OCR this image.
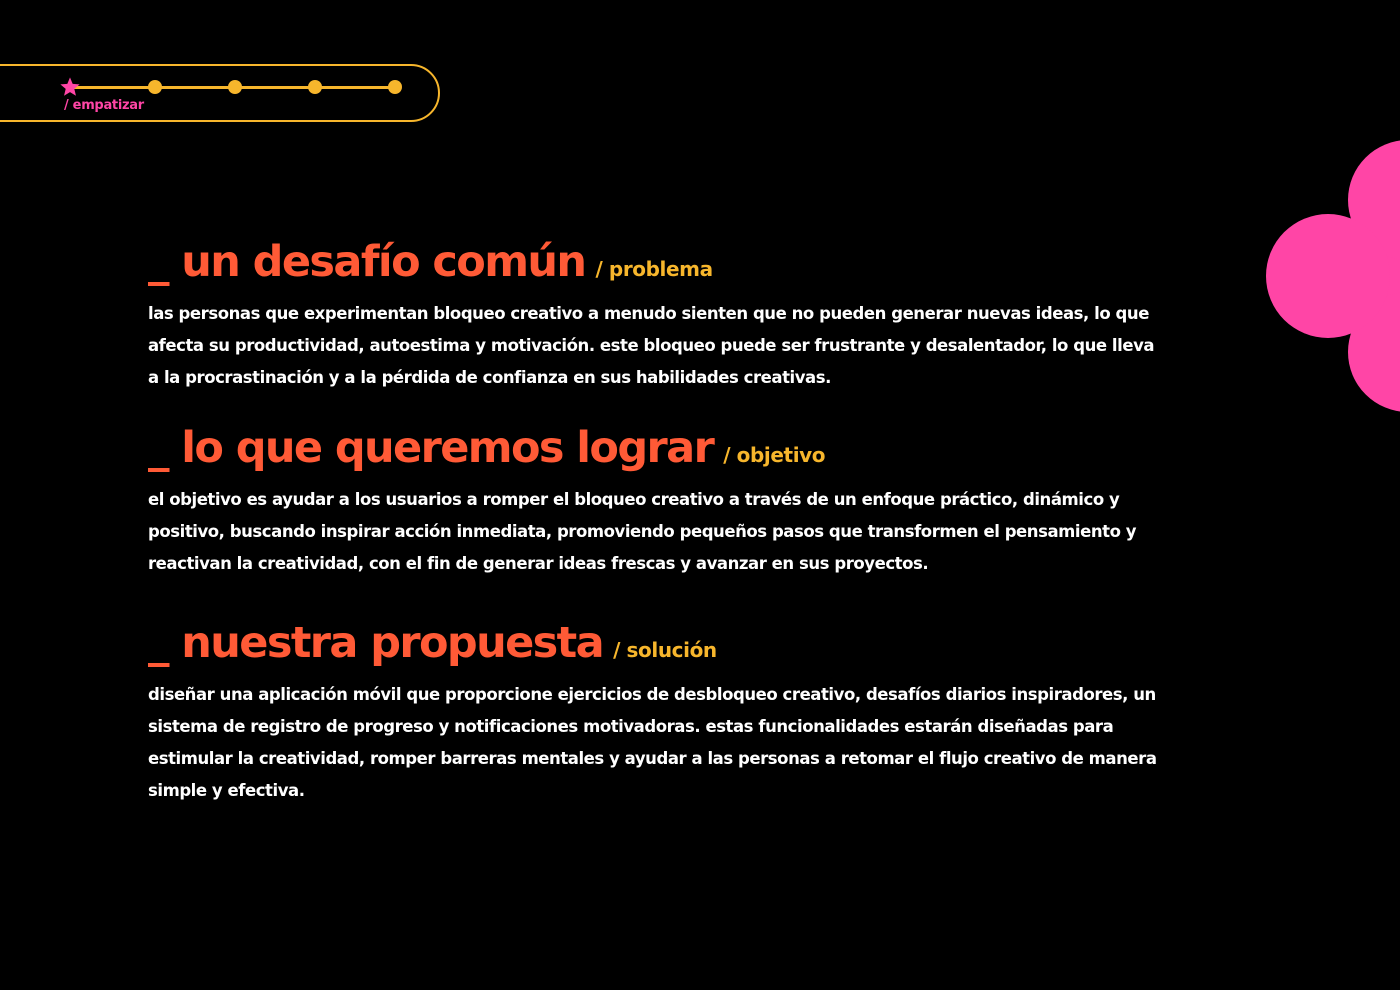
/ empatizar
_ un desafío común / problema

las personas que experimentan bloqueo creativo a menudo sienten que no pueden generar nuevas ideas, lo que afecta su productividad, autoestima y motivación. este bloqueo puede ser frustrante y desalentador, lo que lleva a la procrastinación y a la pérdida de confianza en sus habilidades creativas.

_ lo que queremos lograr / objetivo

el objetivo es ayudar a los usuarios a romper el bloqueo creativo a través de un enfoque práctico, dinámico y positivo, buscando inspirar acción inmediata, promoviendo pequeños pasos que transformen el pensamiento y reactivan la creatividad, con el fin de generar ideas frescas y avanzar en sus proyectos.

_ nuestra propuesta / solución

diseñar una aplicación móvil que proporcione ejercicios de desbloqueo creativo, desafíos diarios inspiradores, un sistema de registro de progreso y notificaciones motivadoras. estas funcionalidades estarán diseñadas para estimular la creatividad, romper barreras mentales y ayudar a las personas a retomar el flujo creativo de manera simple y efectiva.
